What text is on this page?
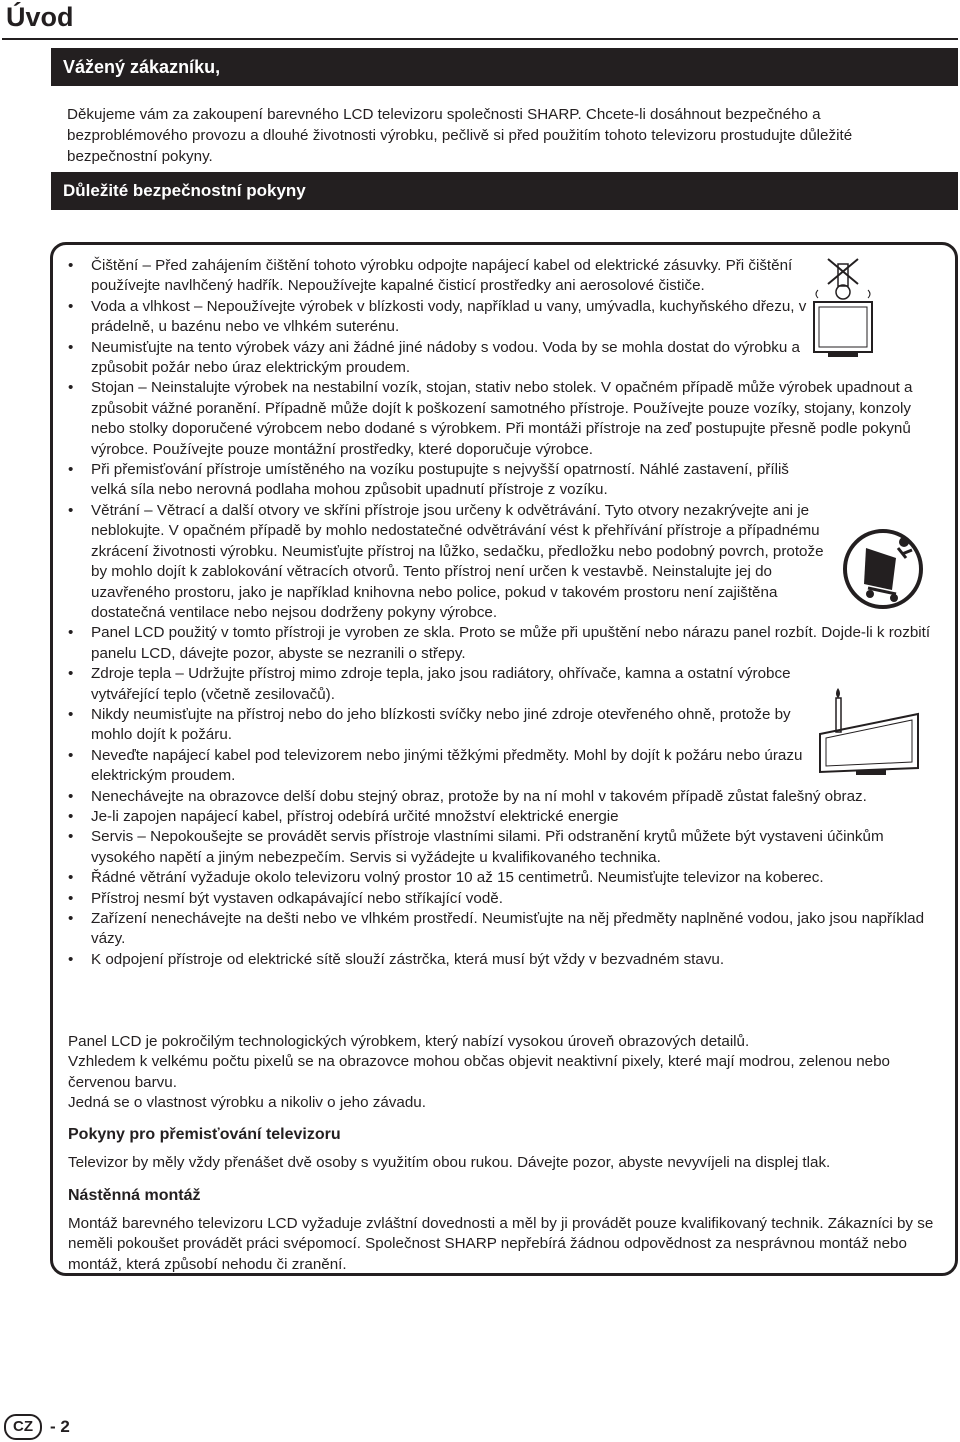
Úvod
Vážený zákazníku,
Děkujeme vám za zakoupení barevného LCD televizoru společnosti SHARP. Chcete-li dosáhnout bezpečného a bezproblémového provozu a dlouhé životnosti výrobku, pečlivě si před použitím tohoto televizoru prostudujte důležité bezpečnostní pokyny.
Důležité bezpečnostní pokyny
• Čištění – Před zahájením čištění tohoto výrobku odpojte napájecí kabel od elektrické zásuvky. Při čištění používejte navlhčený hadřík. Nepoužívejte kapalné čisticí prostředky ani aerosolové čističe.
• Voda a vlhkost – Nepoužívejte výrobek v blízkosti vody, například u vany, umývadla, kuchyňského dřezu, v prádelně, u bazénu nebo ve vlhkém suterénu.
• Neumisťujte na tento výrobek vázy ani žádné jiné nádoby s vodou. Voda by se mohla dostat do výrobku a způsobit požár nebo úraz elektrickým proudem.
• Stojan – Neinstalujte výrobek na nestabilní vozík, stojan, stativ nebo stolek. V opačném případě může výrobek upadnout a způsobit vážné poranění. Případně může dojít k poškození samotného přístroje. Používejte pouze vozíky, stojany, konzoly nebo stolky doporučené výrobcem nebo dodané s výrobkem. Při montáži přístroje na zeď postupujte přesně podle pokynů výrobce. Používejte pouze montážní prostředky, které doporučuje výrobce.
• Při přemisťování přístroje umístěného na vozíku postupujte s nejvyšší opatrností. Náhlé zastavení, příliš velká síla nebo nerovná podlaha mohou způsobit upadnutí přístroje z vozíku.
• Větrání – Větrací a další otvory ve skříni přístroje jsou určeny k odvětrávání. Tyto otvory nezakrývejte ani je neblokujte. V opačném případě by mohlo nedostatečné odvětrávání vést k přehřívání přístroje a případnému zkrácení životnosti výrobku. Neumisťujte přístroj na lůžko, sedačku, předložku nebo podobný povrch, protože by mohlo dojít k zablokování větracích otvorů. Tento přístroj není určen k vestavbě. Neinstalujte jej do uzavřeného prostoru, jako je například knihovna nebo police, pokud v takovém prostoru není zajištěna dostatečná ventilace nebo nejsou dodrženy pokyny výrobce.
• Panel LCD použitý v tomto přístroji je vyroben ze skla. Proto se může při upuštění nebo nárazu panel rozbít. Dojde-li k rozbití panelu LCD, dávejte pozor, abyste se nezranili o střepy.
• Zdroje tepla – Udržujte přístroj mimo zdroje tepla, jako jsou radiátory, ohřívače, kamna a ostatní výrobce vytvářející teplo (včetně zesilovačů).
• Nikdy neumisťujte na přístroj nebo do jeho blízkosti svíčky nebo jiné zdroje otevřeného ohně, protože by mohlo dojít k požáru.
• Neveďte napájecí kabel pod televizorem nebo jinými těžkými předměty. Mohl by dojít k požáru nebo úrazu elektrickým proudem.
• Nenechávejte na obrazovce delší dobu stejný obraz, protože by na ní mohl v takovém případě zůstat falešný obraz.
• Je-li zapojen napájecí kabel, přístroj odebírá určité množství elektrické energie
• Servis – Nepokoušejte se provádět servis přístroje vlastními silami. Při odstranění krytů můžete být vystaveni účinkům vysokého napětí a jiným nebezpečím. Servis si vyžádejte u kvalifikovaného technika.
• Řádné větrání vyžaduje okolo televizoru volný prostor 10 až 15 centimetrů. Neumisťujte televizor na koberec.
• Přístroj nesmí být vystaven odkapávající nebo stříkající vodě.
• Zařízení nenechávejte na dešti nebo ve vlhkém prostředí. Neumisťujte na něj předměty naplněné vodou, jako jsou například vázy.
• K odpojení přístroje od elektrické sítě slouží zástrčka, která musí být vždy v bezvadném stavu.
Panel LCD je pokročilým technologických výrobkem, který nabízí vysokou úroveň obrazových detailů.
Vzhledem k velkému počtu pixelů se na obrazovce mohou občas objevit neaktivní pixely, které mají modrou, zelenou nebo červenou barvu.
Jedná se o vlastnost výrobku a nikoliv o jeho závadu.
Pokyny pro přemisťování televizoru
Televizor by měly vždy přenášet dvě osoby s využitím obou rukou. Dávejte pozor, abyste nevyvíjeli na displej tlak.
Nástěnná montáž
Montáž barevného televizoru LCD vyžaduje zvláštní dovednosti a měl by ji provádět pouze kvalifikovaný technik. Zákazníci by se neměli pokoušet provádět práci svépomocí. Společnost SHARP nepřebírá žádnou odpovědnost za nesprávnou montáž nebo montáž, která způsobí nehodu či zranění.
CZ	- 2
